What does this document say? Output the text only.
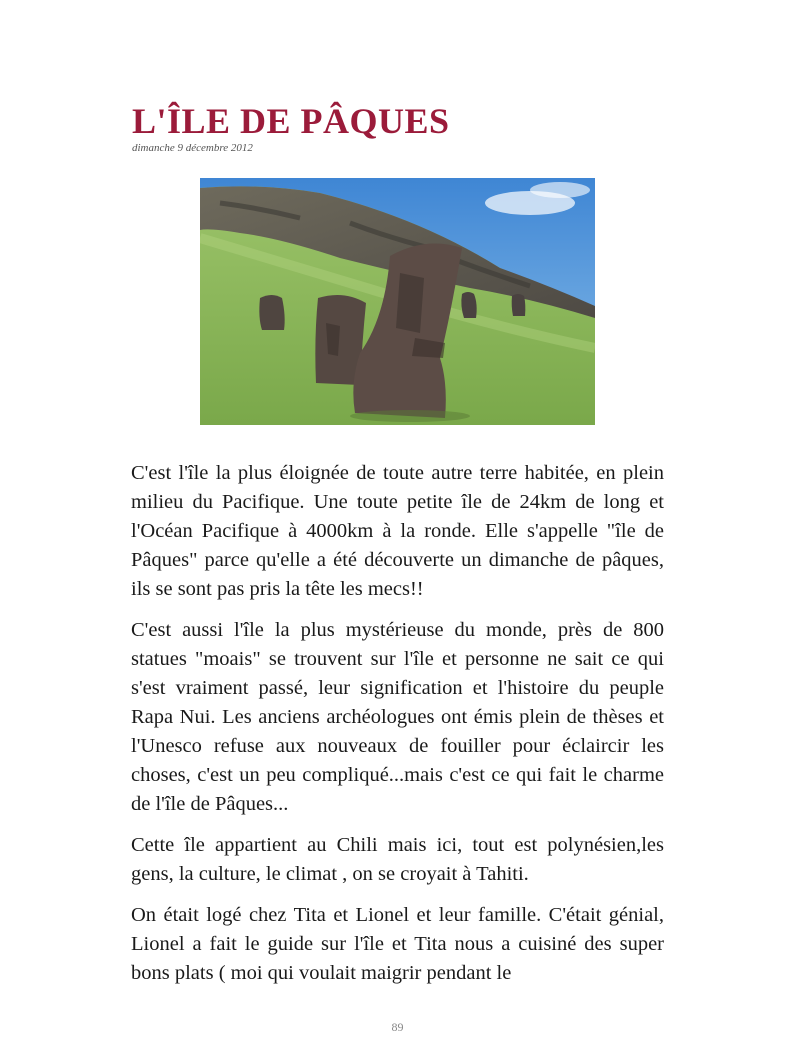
L'ÎLE DE PÂQUES
dimanche 9 décembre 2012

C'est l'île la plus éloignée de toute autre terre habitée, en plein milieu du Pacifique. Une toute petite île de 24km de long et l'Océan Pacifique à 4000km à la ronde. Elle s'appelle "île de Pâques" parce qu'elle a été découverte un dimanche de pâques, ils se sont pas pris la tête les mecs!!

C'est aussi l'île la plus mystérieuse du monde, près de 800 statues "moais" se trouvent sur l'île et personne ne sait ce qui s'est vraiment passé, leur signification et l'histoire du peuple Rapa Nui. Les anciens archéologues ont émis plein de thèses et l'Unesco refuse aux nouveaux de fouiller pour éclaircir les choses, c'est un peu compliqué...mais c'est ce qui fait le charme de l'île de Pâques...

Cette île appartient au Chili mais ici, tout est polynésien,les gens, la culture, le climat , on se croyait à Tahiti.

On était logé chez Tita et Lionel et leur famille. C'était génial, Lionel a fait le guide sur l'île et Tita nous a cuisiné des super bons plats ( moi qui voulait maigrir pendant le

89
